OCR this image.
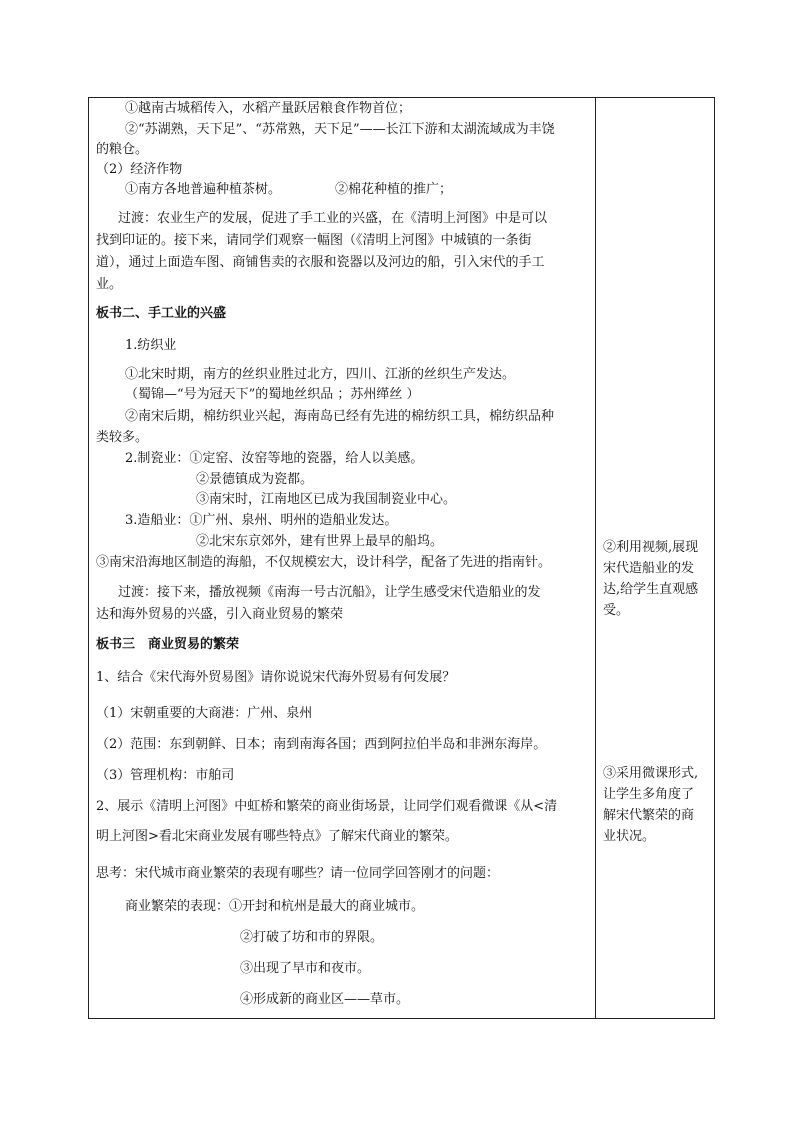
①越南古城稻传入，水稻产量跃居粮食作物首位；
②“苏湖熟，天下足”、“苏常熟，天下足”——长江下游和太湖流域成为丰饶
的粮仓。
（2）经济作物
①南方各地普遍种植茶树。	②棉花种植的推广；
过渡：农业生产的发展，促进了手工业的兴盛，在《清明上河图》中是可以
找到印证的。接下来，请同学们观察一幅图（《清明上河图》中城镇的一条街
道），通过上面造车图、商铺售卖的衣服和瓷器以及河边的船，引入宋代的手工
业。
板书二、手工业的兴盛
1.纺织业
①北宋时期，南方的丝织业胜过北方，四川、江浙的丝织生产发达。
（蜀锦—“号为冠天下”的蜀地丝织品 ；苏州缂丝 ）
②南宋后期，棉纺织业兴起，海南岛已经有先进的棉纺织工具，棉纺织品种
类较多。
2.制瓷业：①定窑、汝窑等地的瓷器，给人以美感。
②景德镇成为瓷都。
③南宋时，江南地区已成为我国制瓷业中心。
3.造船业：①广州、泉州、明州的造船业发达。
②北宋东京郊外，建有世界上最早的船坞。
③南宋沿海地区制造的海船，不仅规模宏大，设计科学，配备了先进的指南针。
过渡：接下来，播放视频《南海一号古沉船》，让学生感受宋代造船业的发
达和海外贸易的兴盛，引入商业贸易的繁荣
板书三　商业贸易的繁荣
1、结合《宋代海外贸易图》请你说说宋代海外贸易有何发展？
（1）宋朝重要的大商港：广州、泉州
（2）范围：东到朝鲜、日本；南到南海各国；西到阿拉伯半岛和非洲东海岸。
（3）管理机构：市舶司
2、展示《清明上河图》中虹桥和繁荣的商业街场景，让同学们观看微课《从<清
明上河图>看北宋商业发展有哪些特点》了解宋代商业的繁荣。
思考：宋代城市商业繁荣的表现有哪些？请一位同学回答刚才的问题：
商业繁荣的表现：①开封和杭州是最大的商业城市。
②打破了坊和市的界限。
③出现了早市和夜市。
④形成新的商业区——草市。
②利用视频,展现
宋代造船业的发
达,给学生直观感
受。
③采用微课形式,
让学生多角度了
解宋代繁荣的商
业状况。
